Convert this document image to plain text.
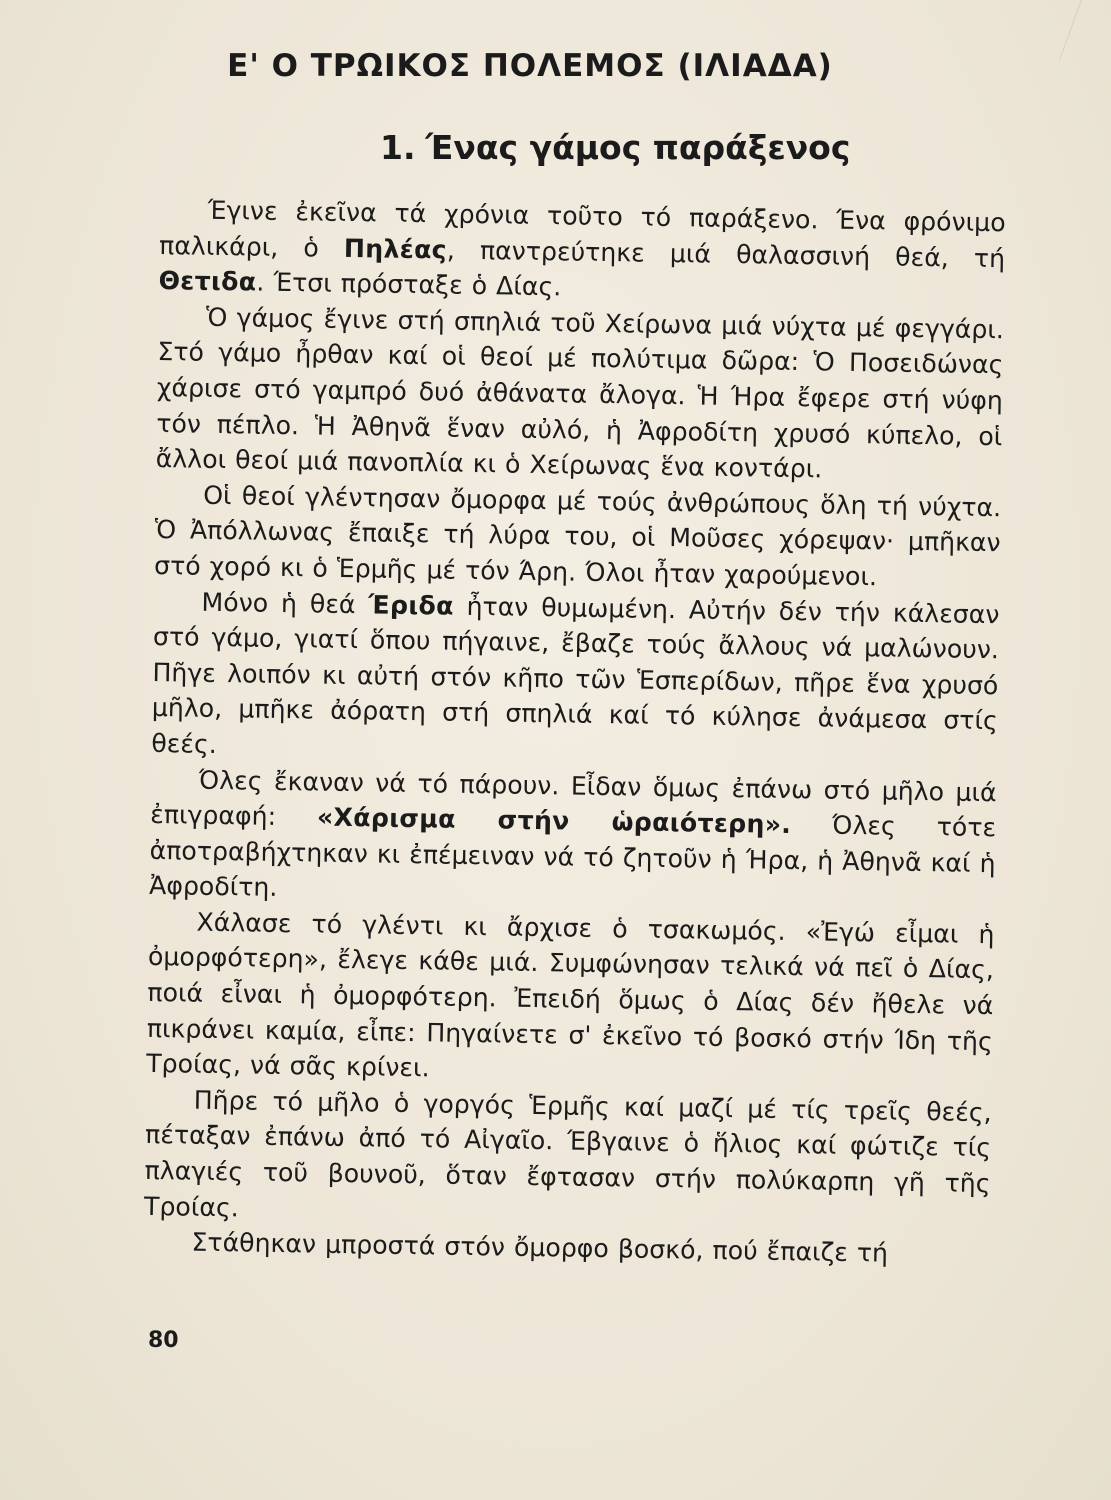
Ε' Ο ΤΡΩΙΚΟΣ ΠΟΛΕΜΟΣ (ΙΛΙΑΔΑ)
1. Ένας γάμος παράξενος

Έγινε ἐκεῖνα τά χρόνια τοῦτο τό παράξενο. Ένα φρόνιμο παλικάρι, ὁ Πηλέας, παντρεύτηκε μιά θαλασσινή θεά, τή Θετιδα. Έτσι πρόσταξε ὁ Δίας.

Ὁ γάμος ἔγινε στή σπηλιά τοῦ Χείρωνα μιά νύχτα μέ φεγγάρι. Στό γάμο ἦρθαν καί οἱ θεοί μέ πολύτιμα δῶρα: Ὁ Ποσειδώνας χάρισε στό γαμπρό δυό ἀθάνατα ἄλογα. Ἡ Ήρα ἔφερε στή νύφη τόν πέπλο. Ἡ Ἀθηνᾶ ἕναν αὐλό, ἡ Ἀφροδίτη χρυσό κύπελο, οἱ ἄλλοι θεοί μιά πανοπλία κι ὁ Χείρωνας ἕνα κοντάρι.

Οἱ θεοί γλέντησαν ὄμορφα μέ τούς ἀνθρώπους ὅλη τή νύχτα. Ὁ Ἀπόλλωνας ἔπαιξε τή λύρα του, οἱ Μοῦσες χόρεψαν· μπῆκαν στό χορό κι ὁ Ἑρμῆς μέ τόν Άρη. Όλοι ἦταν χαρούμενοι.

Μόνο ἡ θεά Έριδα ἦταν θυμωμένη. Αὐτήν δέν τήν κάλεσαν στό γάμο, γιατί ὅπου πήγαινε, ἔβαζε τούς ἄλλους νά μαλώνουν. Πῆγε λοιπόν κι αὐτή στόν κῆπο τῶν Ἑσπερίδων, πῆρε ἕνα χρυσό μῆλο, μπῆκε ἀόρατη στή σπηλιά καί τό κύλησε ἀνάμεσα στίς θεές.

Όλες ἔκαναν νά τό πάρουν. Εἶδαν ὅμως ἐπάνω στό μῆλο μιά ἐπιγραφή: «Χάρισμα στήν ὡραιότερη». Όλες τότε ἀποτραβήχτηκαν κι ἐπέμειναν νά τό ζητοῦν ἡ Ήρα, ἡ Ἀθηνᾶ καί ἡ Ἀφροδίτη.

Χάλασε τό γλέντι κι ἄρχισε ὁ τσακωμός. «Ἐγώ εἶμαι ἡ ὀμορφότερη», ἔλεγε κάθε μιά. Συμφώνησαν τελικά νά πεῖ ὁ Δίας, ποιά εἶναι ἡ ὀμορφότερη. Ἐπειδή ὅμως ὁ Δίας δέν ἤθελε νά πικράνει καμία, εἶπε: Πηγαίνετε σ' ἐκεῖνο τό βοσκό στήν Ίδη τῆς Τροίας, νά σᾶς κρίνει.

Πῆρε τό μῆλο ὁ γοργός Ἑρμῆς καί μαζί μέ τίς τρεῖς θεές, πέταξαν ἐπάνω ἀπό τό Αἰγαῖο. Έβγαινε ὁ ἥλιος καί φώτιζε τίς πλαγιές τοῦ βουνοῦ, ὅταν ἔφτασαν στήν πολύκαρπη γῆ τῆς Τροίας.

Στάθηκαν μπροστά στόν ὄμορφο βοσκό, πού ἔπαιζε τή

80
